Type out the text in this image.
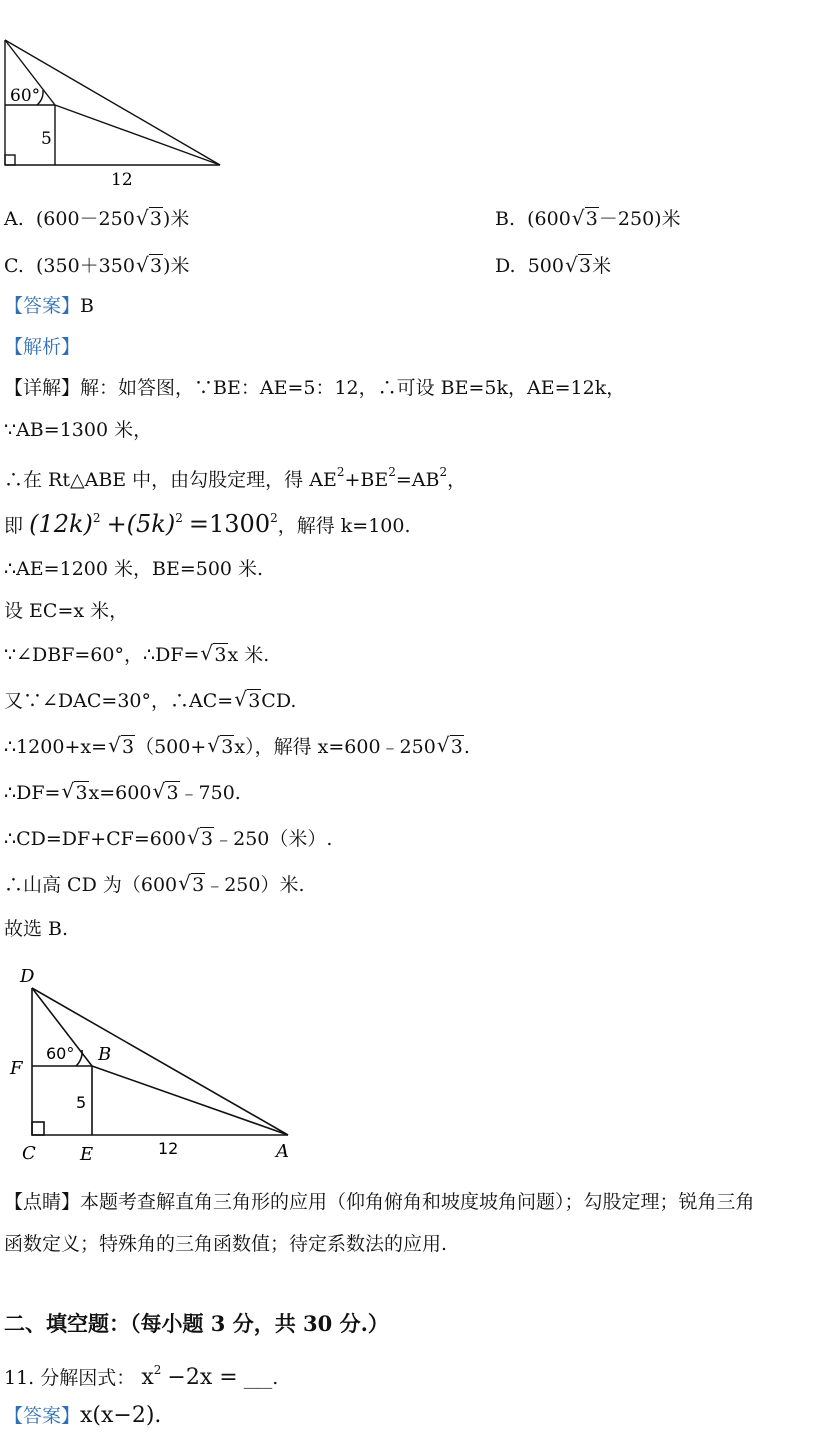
60°
5
12
A. (600－250 √ 3)米	B. (600 √ 3－250)米
C. (350＋350 √ 3)米	D. 500 √ 3米
【答案】B
【解析】
【详解】解：如答图，∵BE：AE=5：12，∴可设 BE=5k，AE=12k，
∵AB=1300 米，
∴在 Rt△ABE 中，由勾股定理，得 $AE^2+BE^2=AB^2$，
即 $(12k)^2 +(5k)^2 =1300^2$，解得 k=100.
∴AE=1200 米，BE=500 米.
设 EC=x 米，
∵∠DBF=60°，∴DF= √ 3x 米.
又∵∠DAC=30°，∴AC= √ 3CD.
∴1200+x= √ 3（500+ √ 3x），解得 x=600﹣250 √ 3.
∴DF= √ 3x=600 √ 3﹣750.
∴CD=DF+CF=600 √ 3﹣250（米）.
∴山高 CD 为（600 √ 3﹣250）米.
故选 B.
D
F
B
C E	A
60°
5
12
【点睛】本题考查解直角三角形的应用（仰角俯角和坡度坡角问题）；勾股定理；锐角三角
函数定义；特殊角的三角函数值；待定系数法的应用.
二、填空题：（每小题 3 分，共 30 分.）
11. 分解因式： $x^2 -2x$ = ___.
【答案】x(x−2).
